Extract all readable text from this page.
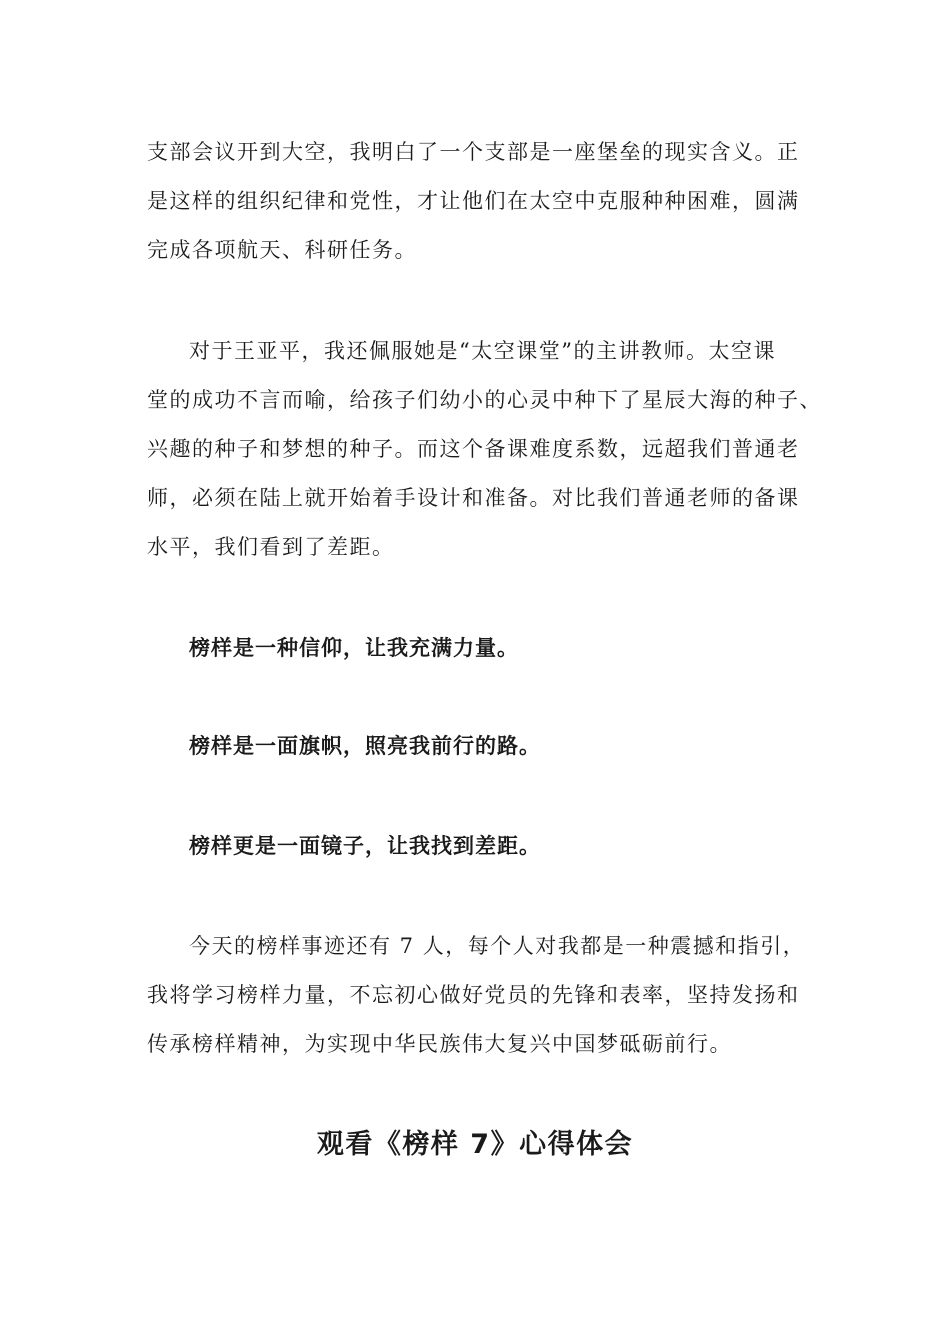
支部会议开到大空，我明白了一个支部是一座堡垒的现实含义。正
是这样的组织纪律和党性，才让他们在太空中克服种种困难，圆满
完成各项航天、科研任务。
对于王亚平，我还佩服她是“太空课堂”的主讲教师。太空课
堂的成功不言而喻，给孩子们幼小的心灵中种下了星辰大海的种子、
兴趣的种子和梦想的种子。而这个备课难度系数，远超我们普通老
师，必须在陆上就开始着手设计和准备。对比我们普通老师的备课
水平，我们看到了差距。
榜样是一种信仰，让我充满力量。
榜样是一面旗帜，照亮我前行的路。
榜样更是一面镜子，让我找到差距。
今天的榜样事迹还有 7 人，每个人对我都是一种震撼和指引，
我将学习榜样力量，不忘初心做好党员的先锋和表率，坚持发扬和
传承榜样精神，为实现中华民族伟大复兴中国梦砥砺前行。
观看《榜样 7》心得体会
